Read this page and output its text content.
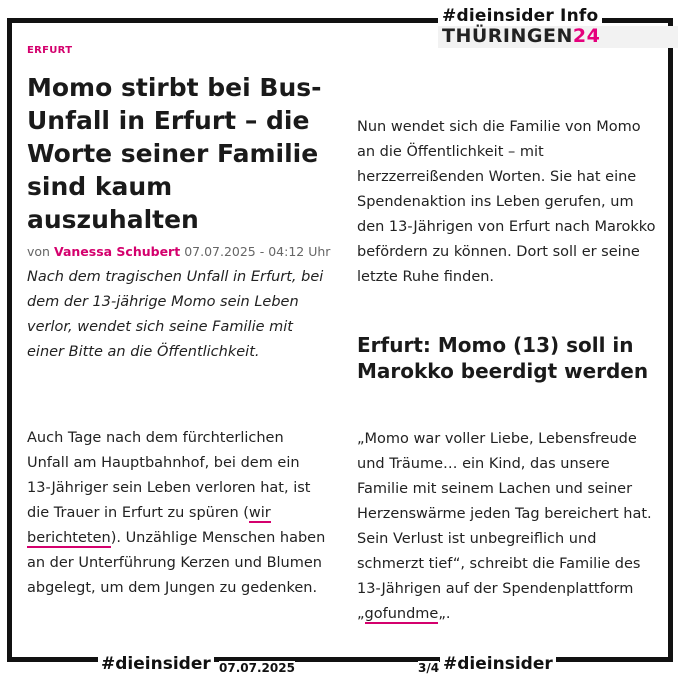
#dieinsider Info
THÜRINGEN24
ERFURT
Momo stirbt bei Bus-Unfall in Erfurt – die Worte seiner Familie sind kaum auszuhalten
von Vanessa Schubert 07.07.2025 - 04:12 Uhr

Nach dem tragischen Unfall in Erfurt, bei dem der 13-jährige Momo sein Leben verlor, wendet sich seine Familie mit einer Bitte an die Öffentlichkeit.

Auch Tage nach dem fürchterlichen Unfall am Hauptbahnhof, bei dem ein 13-Jähriger sein Leben verloren hat, ist die Trauer in Erfurt zu spüren (wir berichteten). Unzählige Menschen haben an der Unterführung Kerzen und Blumen abgelegt, um dem Jungen zu gedenken.

Nun wendet sich die Familie von Momo an die Öffentlichkeit – mit herzzerreißenden Worten. Sie hat eine Spendenaktion ins Leben gerufen, um den 13-Jährigen von Erfurt nach Marokko befördern zu können. Dort soll er seine letzte Ruhe finden.

Erfurt: Momo (13) soll in Marokko beerdigt werden

„Momo war voller Liebe, Lebensfreude und Träume… ein Kind, das unsere Familie mit seinem Lachen und seiner Herzenswärme jeden Tag bereichert hat. Sein Verlust ist unbegreiflich und schmerzt tief“, schreibt die Familie des 13-Jährigen auf der Spendenplattform „gofundme„.

#dieinsider 07.07.2025	3/4 #dieinsider
